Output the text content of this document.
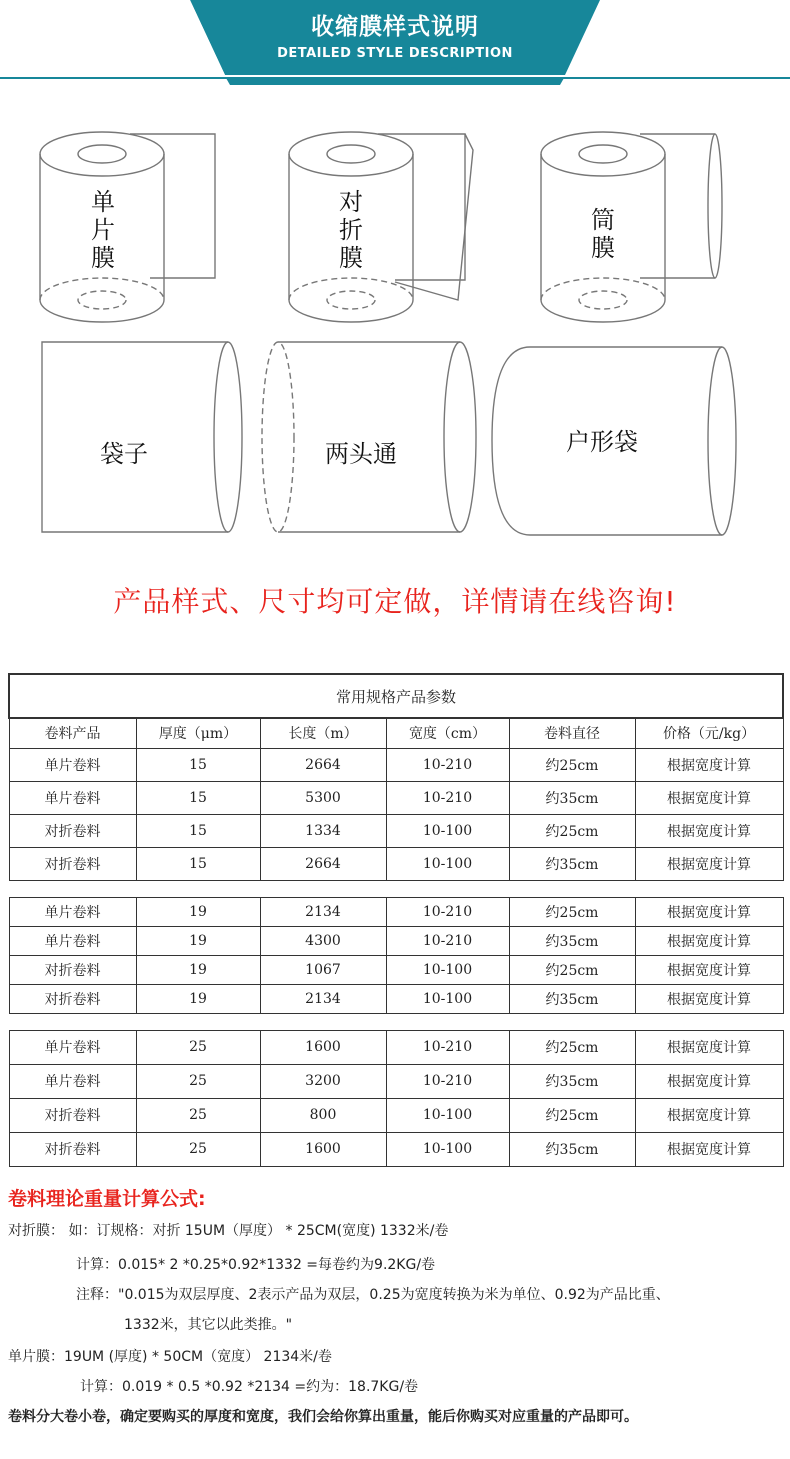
收缩膜样式说明
DETAILED STYLE DESCRIPTION
单
片
膜
对
折
膜
筒
膜
袋子	两头通	户形袋
产品样式、尺寸均可定做，详情请在线咨询!
常用规格产品参数					
卷料产品	厚度（μm）	长度（m）	宽度（cm）	卷料直径	价格（元/kg）
单片卷料	15	2664	10-210	约25cm	根据宽度计算
单片卷料	15	5300	10-210	约35cm	根据宽度计算
对折卷料	15	1334	10-100	约25cm	根据宽度计算
对折卷料	15	2664	10-100	约35cm	根据宽度计算

单片卷料	19	2134	10-210	约25cm	根据宽度计算
单片卷料	19	4300	10-210	约35cm	根据宽度计算
对折卷料	19	1067	10-100	约25cm	根据宽度计算
对折卷料	19	2134	10-100	约35cm	根据宽度计算

单片卷料	25	1600	10-210	约25cm	根据宽度计算
单片卷料	25	3200	10-210	约35cm	根据宽度计算
对折卷料	25	800	10-100	约25cm	根据宽度计算
对折卷料	25	1600	10-100	约35cm	根据宽度计算
卷料理论重量计算公式:
对折膜： 如：订规格：对折 15UM（厚度） * 25CM(宽度) 1332米/卷
计算：0.015* 2 *0.25*0.92*1332 =每卷约为9.2KG/卷
注释："0.015为双层厚度、2表示产品为双层，0.25为宽度转换为米为单位、0.92为产品比重、
1332米，其它以此类推。"
单片膜：19UM (厚度) * 50CM（宽度） 2134米/卷
计算：0.019 * 0.5 *0.92 *2134 =约为：18.7KG/卷
卷料分大卷小卷，确定要购买的厚度和宽度，我们会给你算出重量，能后你购买对应重量的产品即可。
